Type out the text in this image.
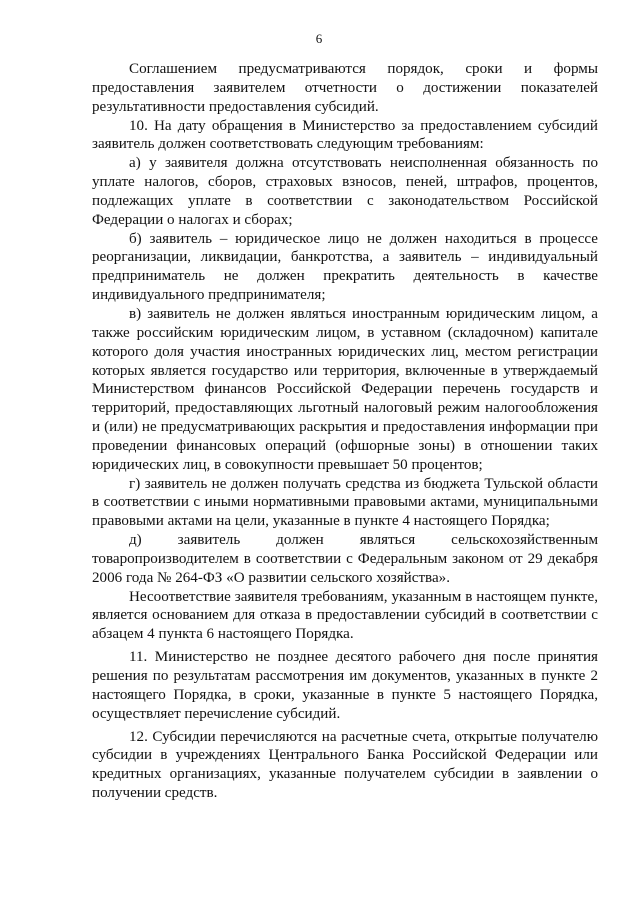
6

Соглашением предусматриваются порядок, сроки и формы предоставления заявителем отчетности о достижении показателей результативности предоставления субсидий.

10. На дату обращения в Министерство за предоставлением субсидий заявитель должен соответствовать следующим требованиям:

а) у заявителя должна отсутствовать неисполненная обязанность по уплате налогов, сборов, страховых взносов, пеней, штрафов, процентов, подлежащих уплате в соответствии с законодательством Российской Федерации о налогах и сборах;

б) заявитель – юридическое лицо не должен находиться в процессе реорганизации, ликвидации, банкротства, а заявитель – индивидуальный предприниматель не должен прекратить деятельность в качестве индивидуального предпринимателя;

в) заявитель не должен являться иностранным юридическим лицом, а также российским юридическим лицом, в уставном (складочном) капитале которого доля участия иностранных юридических лиц, местом регистрации которых является государство или территория, включенные в утверждаемый Министерством финансов Российской Федерации перечень государств и территорий, предоставляющих льготный налоговый режим налогообложения и (или) не предусматривающих раскрытия и предоставления информации при проведении финансовых операций (офшорные зоны) в отношении таких юридических лиц, в совокупности превышает 50 процентов;

г) заявитель не должен получать средства из бюджета Тульской области в соответствии с иными нормативными правовыми актами, муниципальными правовыми актами на цели, указанные в пункте 4 настоящего Порядка;

д) заявитель должен являться сельскохозяйственным товаропроизводителем в соответствии с Федеральным законом от 29 декабря 2006 года № 264-ФЗ «О развитии сельского хозяйства».

Несоответствие заявителя требованиям, указанным в настоящем пункте, является основанием для отказа в предоставлении субсидий в соответствии с абзацем 4 пункта 6 настоящего Порядка.

11. Министерство не позднее десятого рабочего дня после принятия решения по результатам рассмотрения им документов, указанных в пункте 2 настоящего Порядка, в сроки, указанные в пункте 5 настоящего Порядка, осуществляет перечисление субсидий.

12. Субсидии перечисляются на расчетные счета, открытые получателю субсидии в учреждениях Центрального Банка Российской Федерации или кредитных организациях, указанные получателем субсидии в заявлении о получении средств.
